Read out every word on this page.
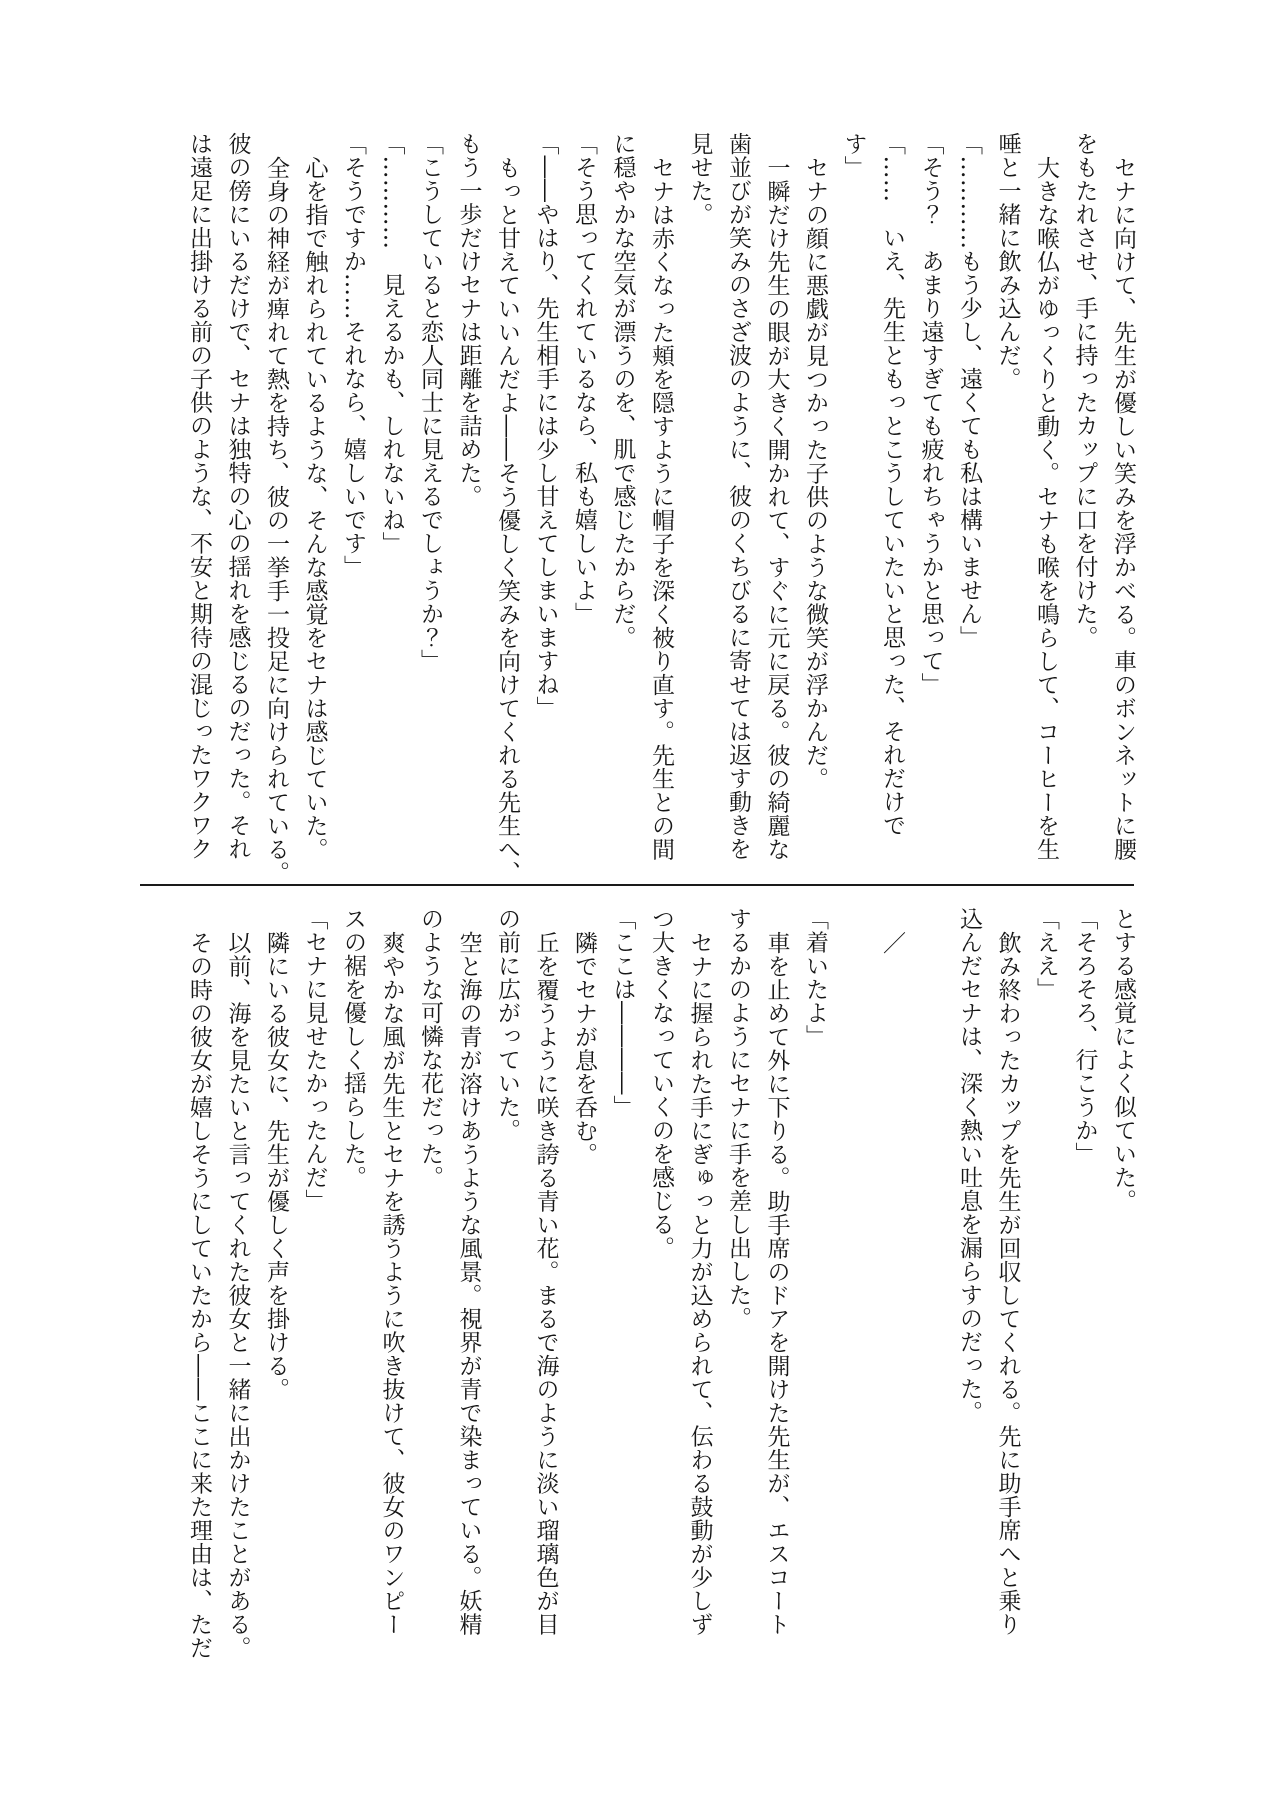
セナに向けて、先生が優しい笑みを浮かべる。車のボンネットに腰

をもたれさせ、手に持ったカップに口を付けた。

大きな喉仏がゆっくりと動く。セナも喉を鳴らして、コーヒーを生

唾と一緒に飲み込んだ。

「…………もう少し、遠くても私は構いません」

「そう？　あまり遠すぎても疲れちゃうかと思って」

「……　いえ、先生ともっとこうしていたいと思った、それだけで

す」

セナの顔に悪戯が見つかった子供のような微笑が浮かんだ。

一瞬だけ先生の眼が大きく開かれて、すぐに元に戻る。彼の綺麗な

歯並びが笑みのさざ波のように、彼のくちびるに寄せては返す動きを

見せた。

セナは赤くなった頬を隠すように帽子を深く被り直す。先生との間

に穏やかな空気が漂うのを、肌で感じたからだ。

「そう思ってくれているなら、私も嬉しいよ」

「――やはり、先生相手には少し甘えてしまいますね」

もっと甘えていいんだよ――そう優しく笑みを向けてくれる先生へ、

もう一歩だけセナは距離を詰めた。

「こうしていると恋人同士に見えるでしょうか？」

「…………　見えるかも、しれないね」

「そうですか……それなら、嬉しいです」

心を指で触れられているような、そんな感覚をセナは感じていた。

全身の神経が痺れて熱を持ち、彼の一挙手一投足に向けられている。

彼の傍にいるだけで、セナは独特の心の揺れを感じるのだった。それ

は遠足に出掛ける前の子供のような、不安と期待の混じったワクワク

とする感覚によく似ていた。

「そろそろ、行こうか」

「ええ」

飲み終わったカップを先生が回収してくれる。先に助手席へと乗り

込んだセナは、深く熱い吐息を漏らすのだった。

／

「着いたよ」

車を止めて外に下りる。助手席のドアを開けた先生が、エスコート

するかのようにセナに手を差し出した。

セナに握られた手にぎゅっと力が込められて、伝わる鼓動が少しず

つ大きくなっていくのを感じる。

「ここは――――」

隣でセナが息を呑む。

丘を覆うように咲き誇る青い花。まるで海のように淡い瑠璃色が目

の前に広がっていた。

空と海の青が溶けあうような風景。視界が青で染まっている。妖精

のような可憐な花だった。

爽やかな風が先生とセナを誘うように吹き抜けて、彼女のワンピー

スの裾を優しく揺らした。

「セナに見せたかったんだ」

隣にいる彼女に、先生が優しく声を掛ける。

以前、海を見たいと言ってくれた彼女と一緒に出かけたことがある。

その時の彼女が嬉しそうにしていたから――ここに来た理由は、ただ
